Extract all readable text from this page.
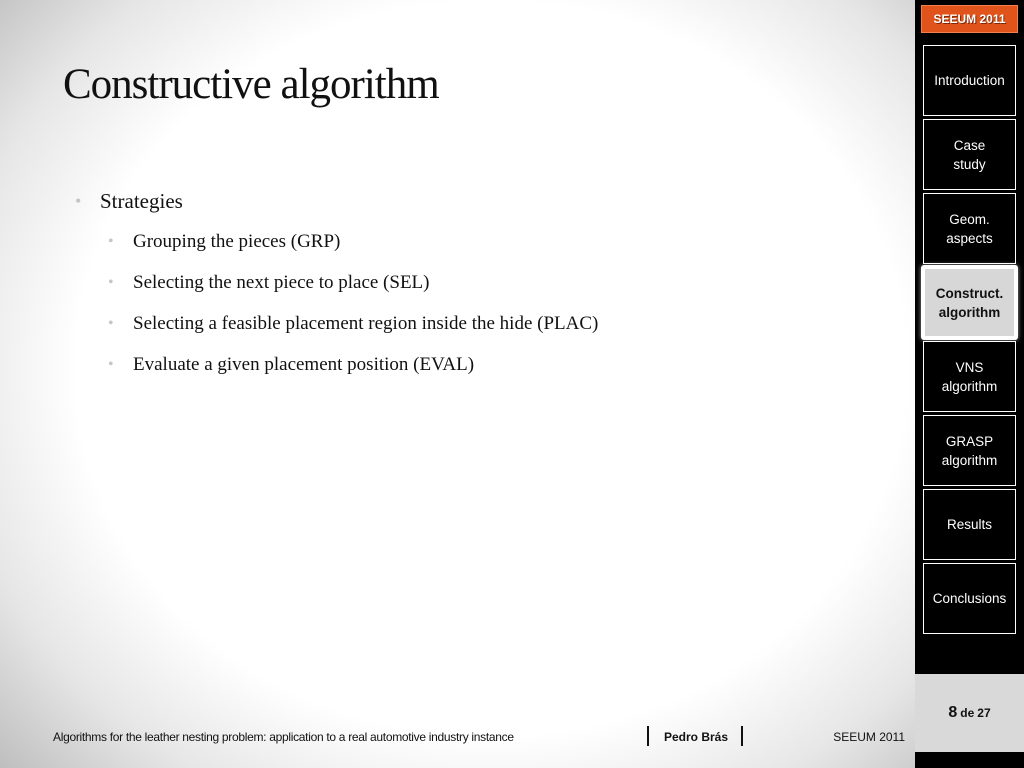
Constructive algorithm
• Strategies
• Grouping the pieces (GRP)
• Selecting the next piece to place (SEL)
• Selecting a feasible placement region inside the hide (PLAC)
• Evaluate a given placement position (EVAL)
Algorithms for the leather nesting problem: application to a real automotive industry instance	Pedro Brás	SEEUM 2011
SEEUM 2011
Introduction
Case
study
Geom.
aspects
Construct.
algorithm
VNS
algorithm
GRASP
algorithm
Results
Conclusions
8 de 27
